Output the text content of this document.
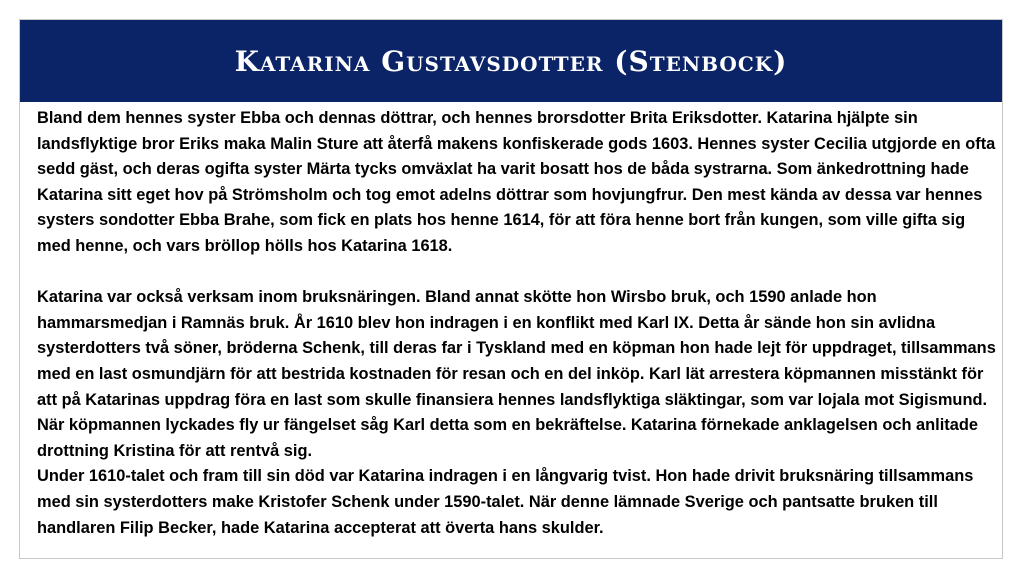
Katarina Gustavsdotter (Stenbock)

Bland dem hennes syster Ebba och dennas döttrar, och hennes brorsdotter Brita Eriksdotter. Katarina hjälpte sin landsflyktige bror Eriks maka Malin Sture att återfå makens konfiskerade gods 1603. Hennes syster Cecilia utgjorde en ofta sedd gäst, och deras ogifta syster Märta tycks omväxlat ha varit bosatt hos de båda systrarna. Som änkedrottning hade Katarina sitt eget hov på Strömsholm och tog emot adelns döttrar som hovjungfrur. Den mest kända av dessa var hennes systers sondotter Ebba Brahe, som fick en plats hos henne 1614, för att föra henne bort från kungen, som ville gifta sig med henne, och vars bröllop hölls hos Katarina 1618.

Katarina var också verksam inom bruksnäringen. Bland annat skötte hon Wirsbo bruk, och 1590 anlade hon hammarsmedjan i Ramnäs bruk. År 1610 blev hon indragen i en konflikt med Karl IX. Detta år sände hon sin avlidna systerdotters två söner, bröderna Schenk, till deras far i Tyskland med en köpman hon hade lejt för uppdraget, tillsammans med en last osmundjärn för att bestrida kostnaden för resan och en del inköp. Karl lät arrestera köpmannen misstänkt för att på Katarinas uppdrag föra en last som skulle finansiera hennes landsflyktiga släktingar, som var lojala mot Sigismund. När köpmannen lyckades fly ur fängelset såg Karl detta som en bekräftelse. Katarina förnekade anklagelsen och anlitade drottning Kristina för att rentvå sig.

Under 1610-talet och fram till sin död var Katarina indragen i en långvarig tvist. Hon hade drivit bruksnäring tillsammans med sin systerdotters make Kristofer Schenk under 1590-talet. När denne lämnade Sverige och pantsatte bruken till handlaren Filip Becker, hade Katarina accepterat att överta hans skulder.
